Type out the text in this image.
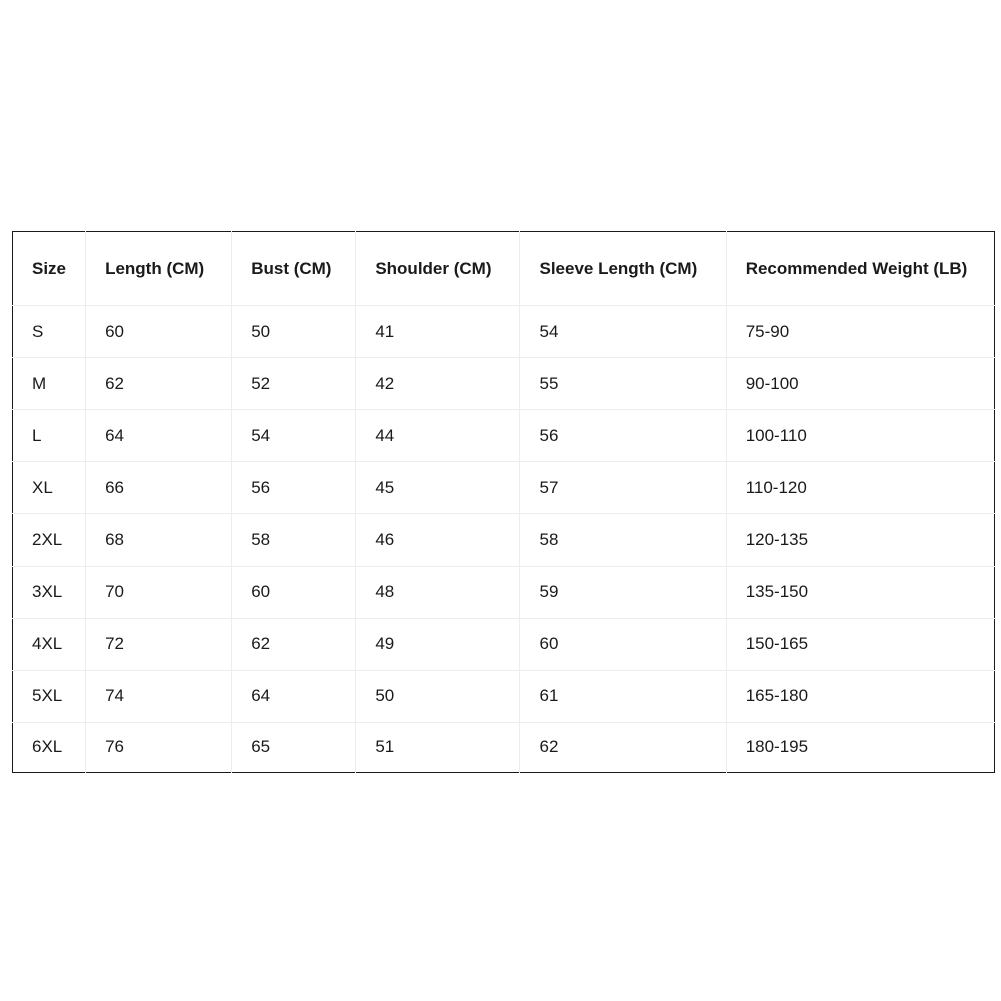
Size	Length (CM)	Bust (CM)	Shoulder (CM)	Sleeve Length (CM)	Recommended Weight (LB)
S	60	50	41	54	75-90
M	62	52	42	55	90-100
L	64	54	44	56	100-110
XL	66	56	45	57	110-120
2XL	68	58	46	58	120-135
3XL	70	60	48	59	135-150
4XL	72	62	49	60	150-165
5XL	74	64	50	61	165-180
6XL	76	65	51	62	180-195
